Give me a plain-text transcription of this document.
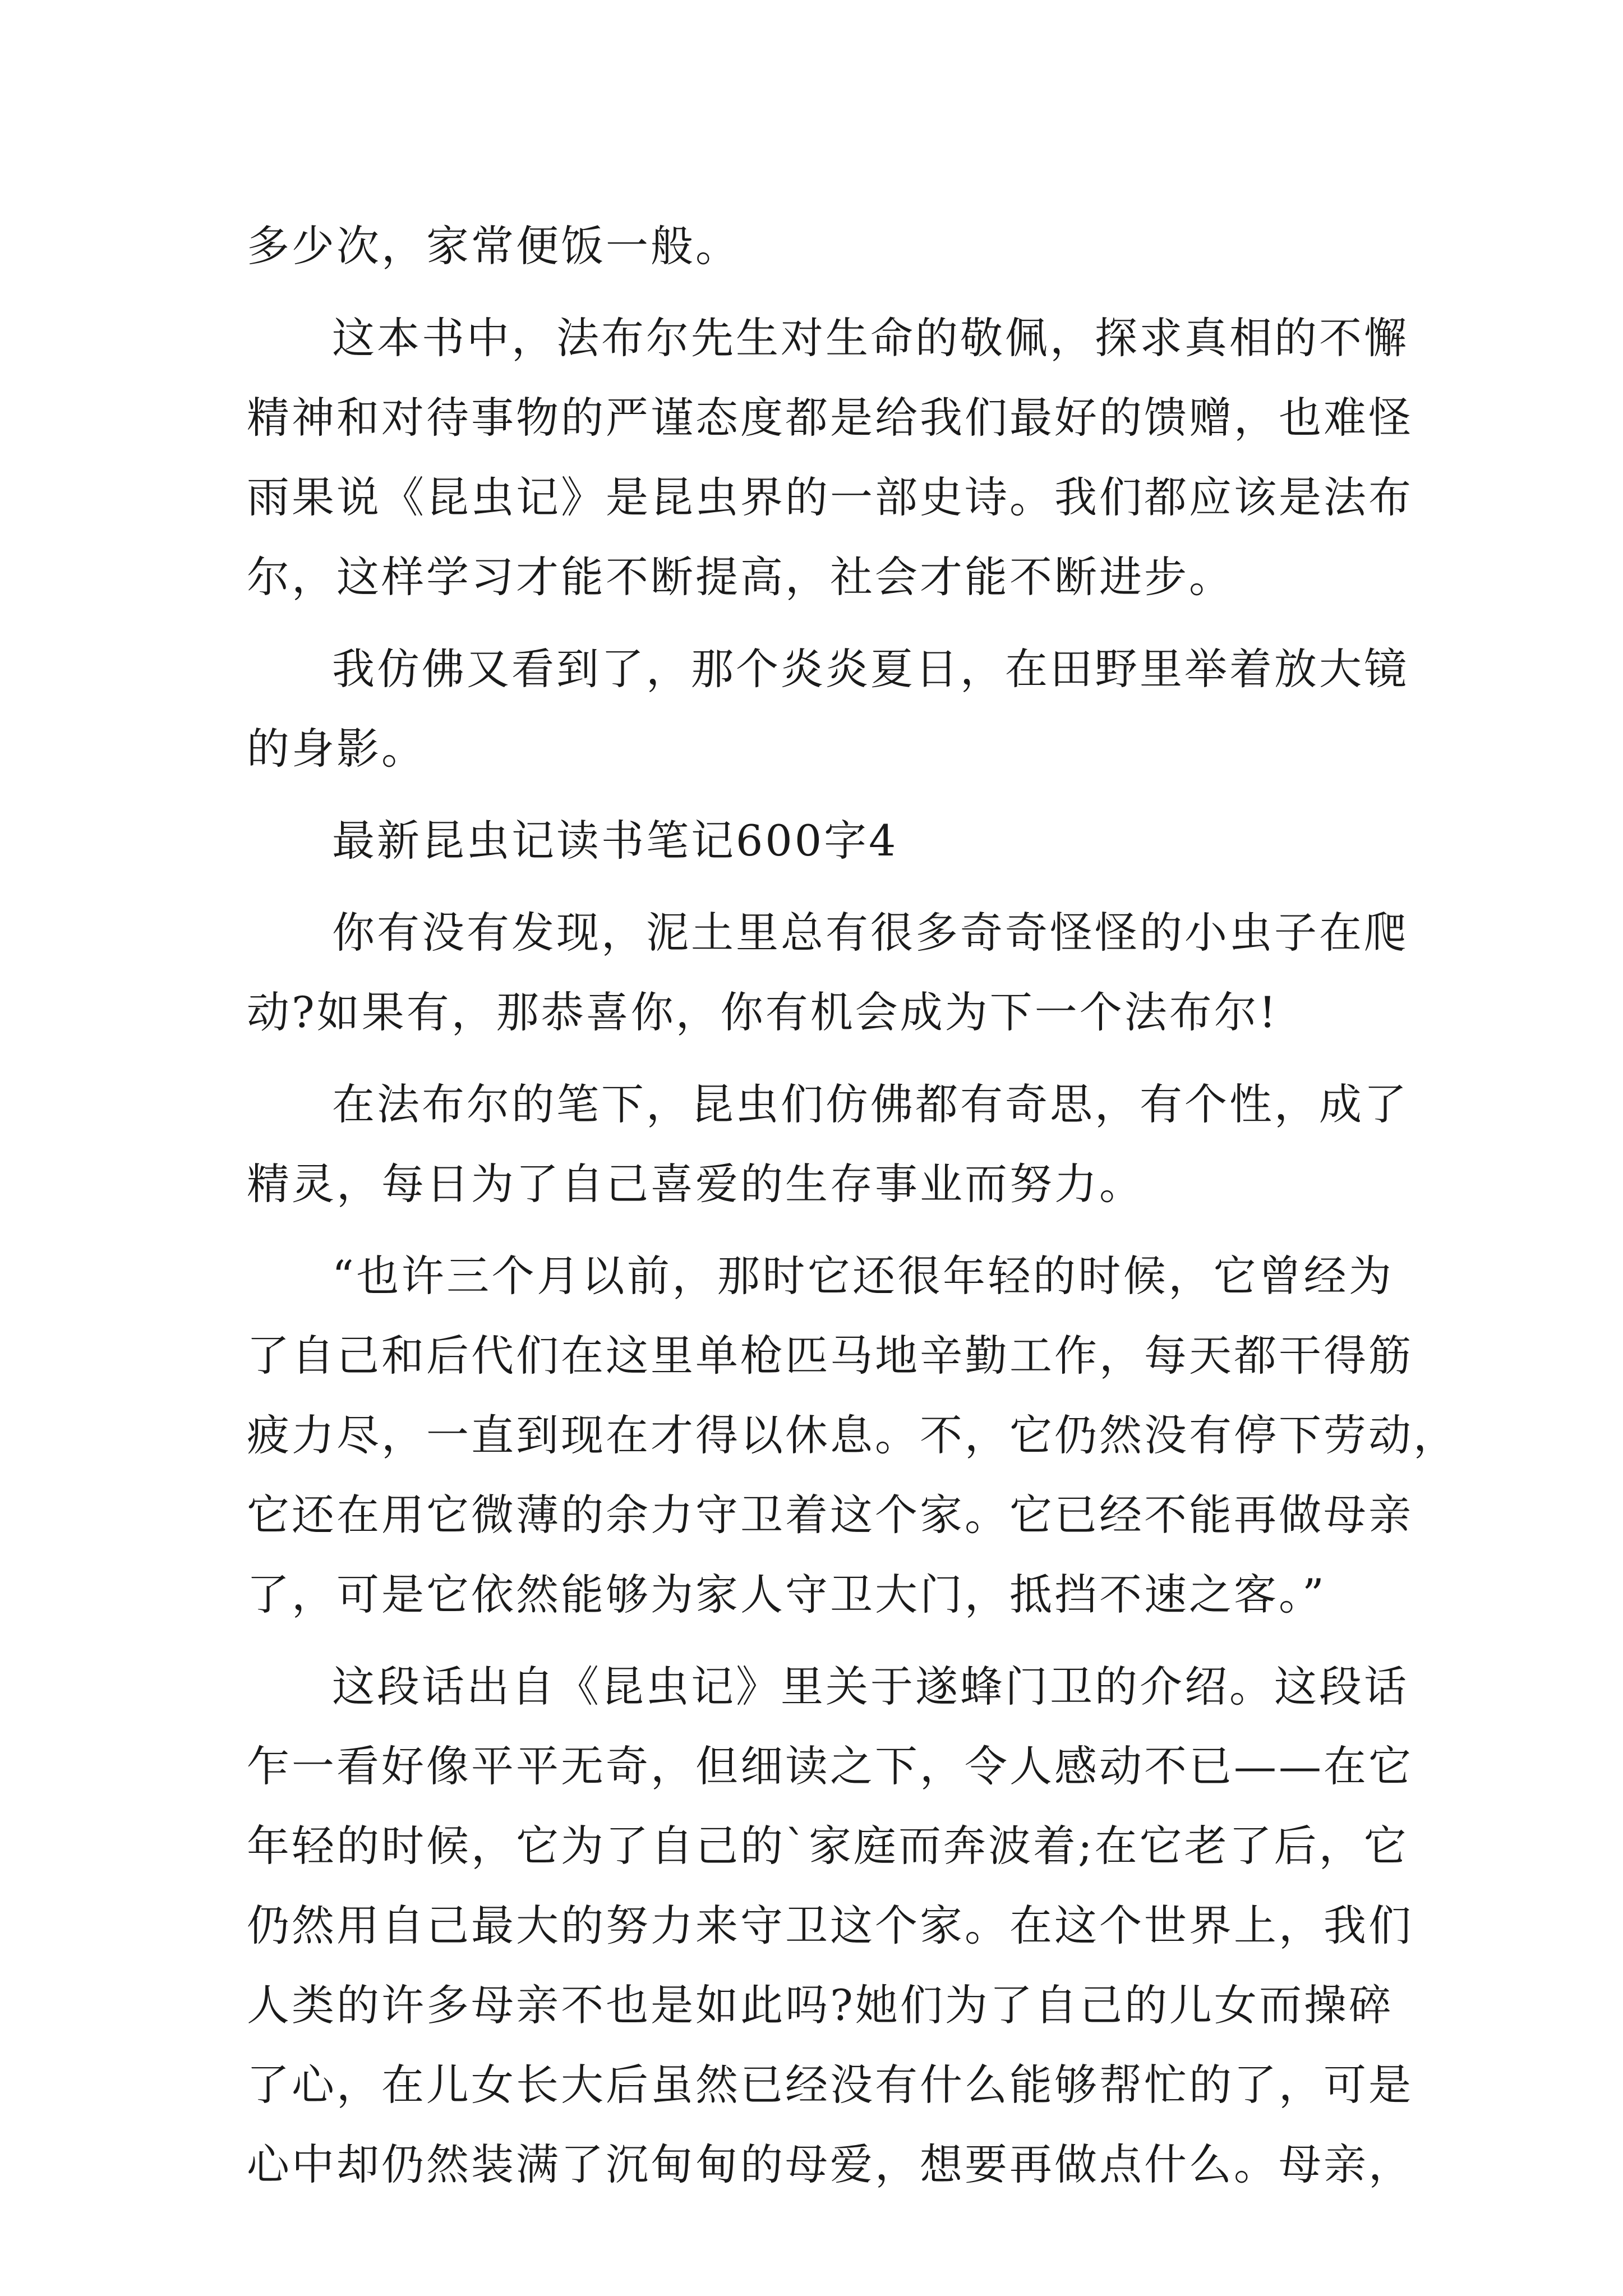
多少次，家常便饭一般。
这本书中，法布尔先生对生命的敬佩，探求真相的不懈
精神和对待事物的严谨态度都是给我们最好的馈赠，也难怪
雨果说《昆虫记》是昆虫界的一部史诗。我们都应该是法布
尔，这样学习才能不断提高，社会才能不断进步。
我仿佛又看到了，那个炎炎夏日，在田野里举着放大镜
的身影。
最新昆虫记读书笔记600字4
你有没有发现，泥土里总有很多奇奇怪怪的小虫子在爬
动?如果有，那恭喜你，你有机会成为下一个法布尔!
在法布尔的笔下，昆虫们仿佛都有奇思，有个性，成了
精灵，每日为了自己喜爱的生存事业而努力。
“也许三个月以前，那时它还很年轻的时候，它曾经为
了自己和后代们在这里单枪匹马地辛勤工作，每天都干得筋
疲力尽，一直到现在才得以休息。不，它仍然没有停下劳动，
它还在用它微薄的余力守卫着这个家。它已经不能再做母亲
了，可是它依然能够为家人守卫大门，抵挡不速之客。”
这段话出自《昆虫记》里关于遂蜂门卫的介绍。这段话
乍一看好像平平无奇，但细读之下，令人感动不已——在它
年轻的时候，它为了自己的`家庭而奔波着;在它老了后，它
仍然用自己最大的努力来守卫这个家。在这个世界上，我们
人类的许多母亲不也是如此吗?她们为了自己的儿女而操碎
了心，在儿女长大后虽然已经没有什么能够帮忙的了，可是
心中却仍然装满了沉甸甸的母爱，想要再做点什么。母亲，
